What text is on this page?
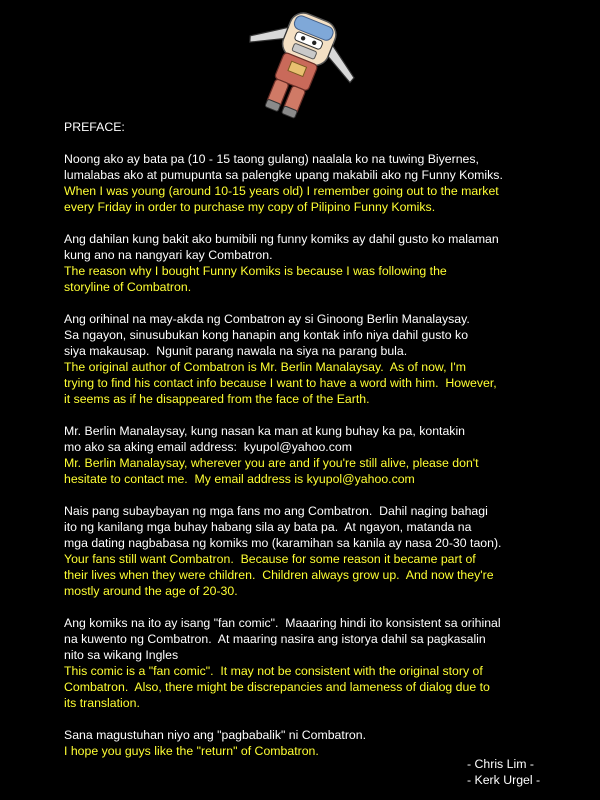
PREFACE:
Noong ako ay bata pa (10 - 15 taong gulang) naalala ko na tuwing Biyernes,
lumalabas ako at pumupunta sa palengke upang makabili ako ng Funny Komiks.
When I was young (around 10-15 years old) I remember going out to the market
every Friday in order to purchase my copy of Pilipino Funny Komiks.
Ang dahilan kung bakit ako bumibili ng funny komiks ay dahil gusto ko malaman
kung ano na nangyari kay Combatron.
The reason why I bought Funny Komiks is because I was following the
storyline of Combatron.
Ang orihinal na may-akda ng Combatron ay si Ginoong Berlin Manalaysay.
Sa ngayon, sinusubukan kong hanapin ang kontak info niya dahil gusto ko
siya makausap.  Ngunit parang nawala na siya na parang bula.
The original author of Combatron is Mr. Berlin Manalaysay.  As of now, I'm
trying to find his contact info because I want to have a word with him.  However,
it seems as if he disappeared from the face of the Earth.
Mr. Berlin Manalaysay, kung nasan ka man at kung buhay ka pa, kontakin
mo ako sa aking email address:  kyupol@yahoo.com
Mr. Berlin Manalaysay, wherever you are and if you're still alive, please don't
hesitate to contact me.  My email address is kyupol@yahoo.com
Nais pang subaybayan ng mga fans mo ang Combatron.  Dahil naging bahagi
ito ng kanilang mga buhay habang sila ay bata pa.  At ngayon, matanda na
mga dating nagbabasa ng komiks mo (karamihan sa kanila ay nasa 20-30 taon).
Your fans still want Combatron.  Because for some reason it became part of
their lives when they were children.  Children always grow up.  And now they're
mostly around the age of 20-30.
Ang komiks na ito ay isang "fan comic".  Maaaring hindi ito konsistent sa orihinal
na kuwento ng Combatron.  At maaring nasira ang istorya dahil sa pagkasalin
nito sa wikang Ingles
This comic is a "fan comic".  It may not be consistent with the original story of
Combatron.  Also, there might be discrepancies and lameness of dialog due to
its translation.
Sana magustuhan niyo ang "pagbabalik" ni Combatron.
I hope you guys like the "return" of Combatron.
- Chris Lim -
- Kerk Urgel -
